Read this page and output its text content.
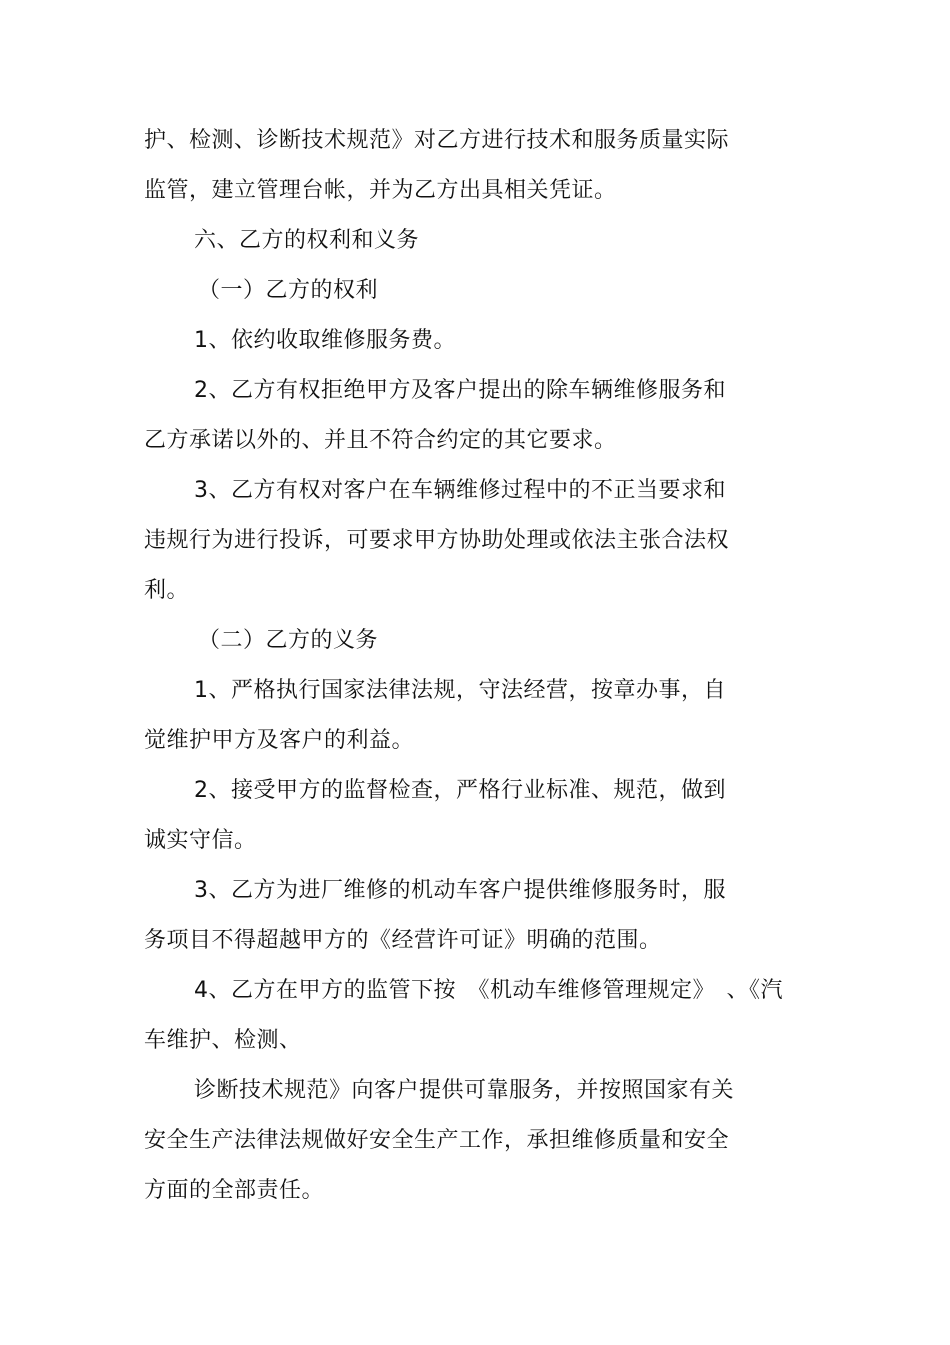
护、检测、诊断技术规范》对乙方进行技术和服务质量实际
监管，建立管理台帐，并为乙方出具相关凭证。
六、乙方的权利和义务
（一）乙方的权利
1、依约收取维修服务费。
2、乙方有权拒绝甲方及客户提出的除车辆维修服务和
乙方承诺以外的、并且不符合约定的其它要求。
3、乙方有权对客户在车辆维修过程中的不正当要求和
违规行为进行投诉，可要求甲方协助处理或依法主张合法权
利。
（二）乙方的义务
1、严格执行国家法律法规，守法经营，按章办事，自
觉维护甲方及客户的利益。
2、接受甲方的监督检查，严格行业标准、规范，做到
诚实守信。
3、乙方为进厂维修的机动车客户提供维修服务时，服
务项目不得超越甲方的《经营许可证》明确的范围。
4、乙方在甲方的监管下按　《机动车维修管理规定》　、《汽
车维护、检测、
诊断技术规范》向客户提供可靠服务，并按照国家有关
安全生产法律法规做好安全生产工作，承担维修质量和安全
方面的全部责任。
